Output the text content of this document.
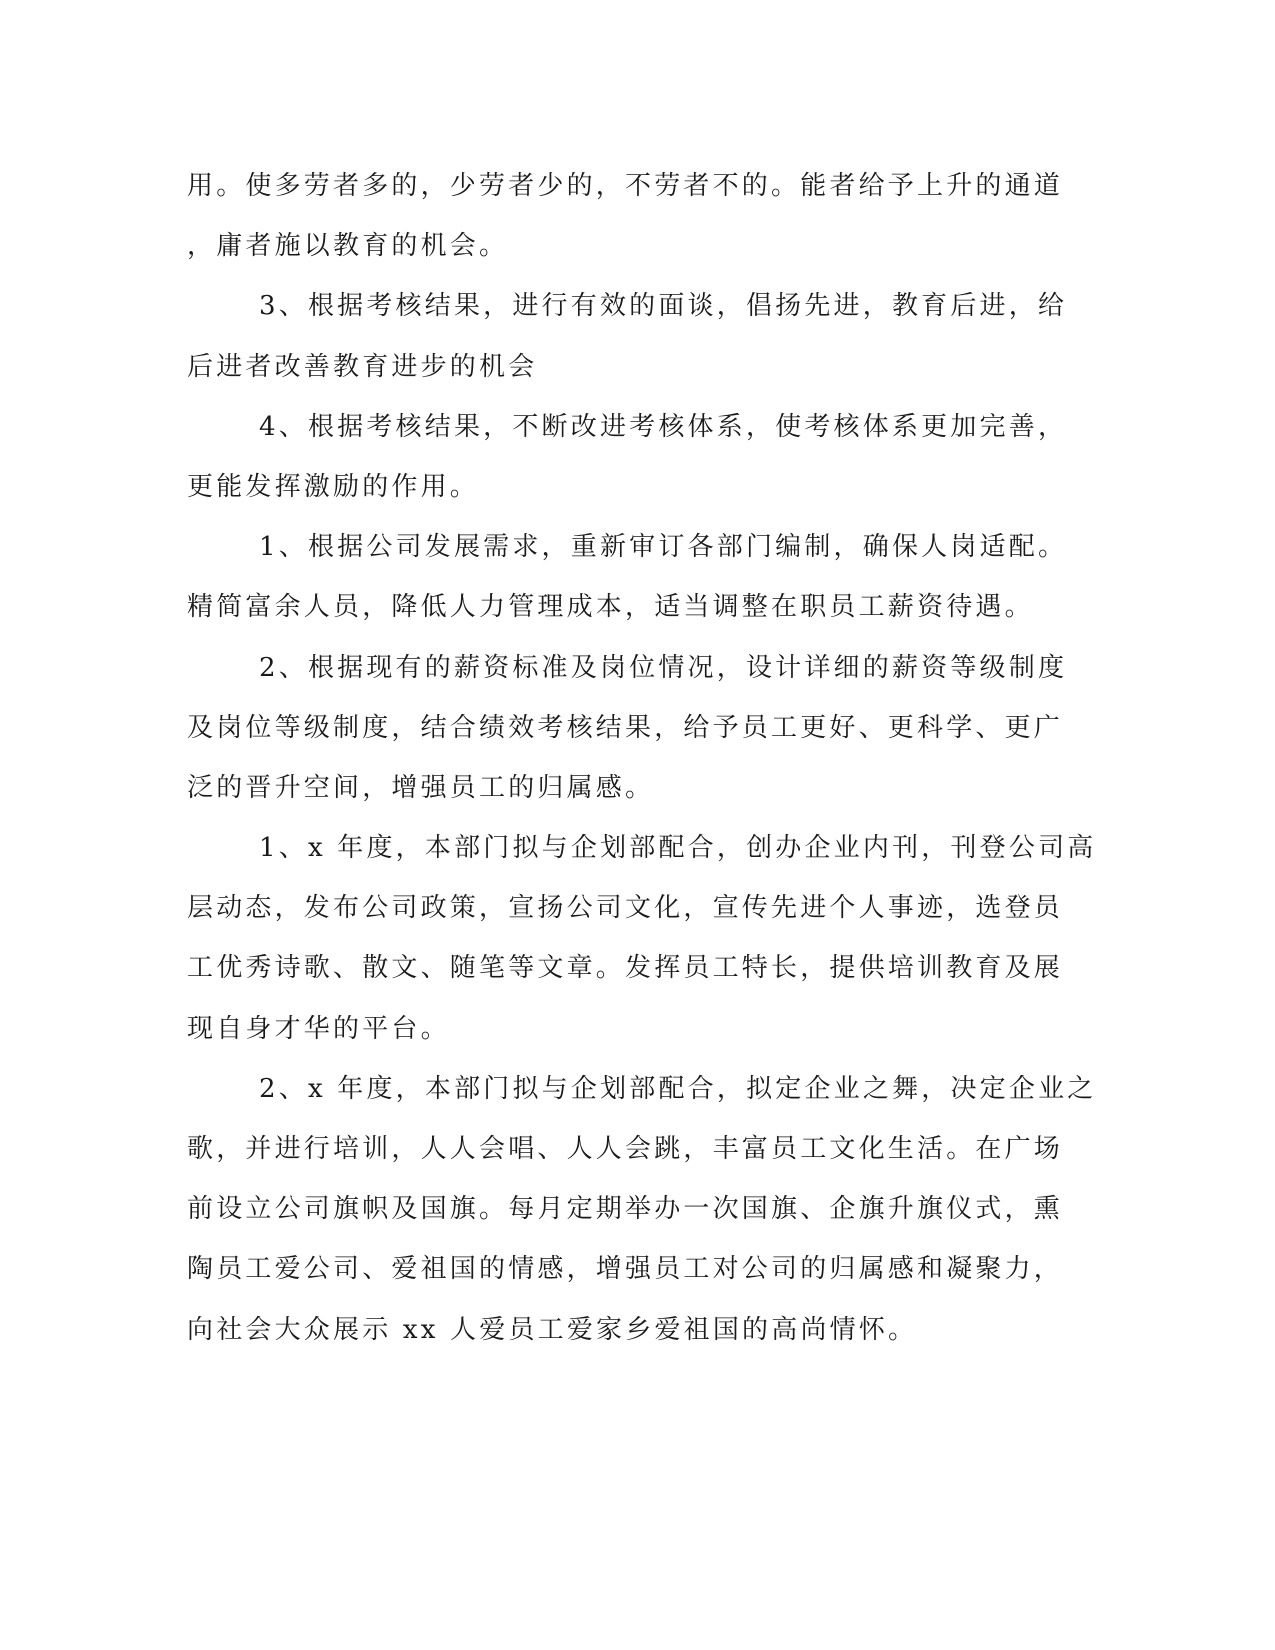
用。使多劳者多的，少劳者少的，不劳者不的。能者给予上升的通道
，庸者施以教育的机会。
3、根据考核结果，进行有效的面谈，倡扬先进，教育后进，给
后进者改善教育进步的机会
4、根据考核结果，不断改进考核体系，使考核体系更加完善，
更能发挥激励的作用。
1、根据公司发展需求，重新审订各部门编制，确保人岗适配。
精简富余人员，降低人力管理成本，适当调整在职员工薪资待遇。
2、根据现有的薪资标准及岗位情况，设计详细的薪资等级制度
及岗位等级制度，结合绩效考核结果，给予员工更好、更科学、更广
泛的晋升空间，增强员工的归属感。
1、x 年度，本部门拟与企划部配合，创办企业内刊，刊登公司高
层动态，发布公司政策，宣扬公司文化，宣传先进个人事迹，选登员
工优秀诗歌、散文、随笔等文章。发挥员工特长，提供培训教育及展
现自身才华的平台。
2、x 年度，本部门拟与企划部配合，拟定企业之舞，决定企业之
歌，并进行培训，人人会唱、人人会跳，丰富员工文化生活。在广场
前设立公司旗帜及国旗。每月定期举办一次国旗、企旗升旗仪式，熏
陶员工爱公司、爱祖国的情感，增强员工对公司的归属感和凝聚力，
向社会大众展示 xx 人爱员工爱家乡爱祖国的高尚情怀。
